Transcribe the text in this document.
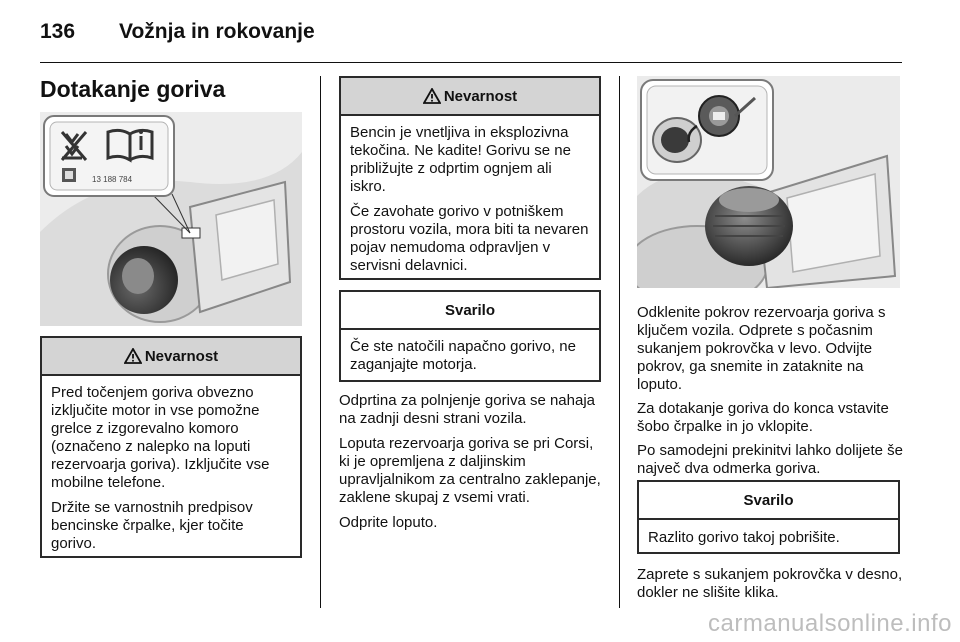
136 Vožnja in rokovanje
Dotakanje goriva
13 188 784
Nevarnost

Pred točenjem goriva obvezno izključite motor in vse pomožne grelce z izgorevalno komoro (označeno z nalepko na loputi rezervoarja goriva). Izključite vse mobilne telefone.

Držite se varnostnih predpisov bencinske črpalke, kjer točite gorivo.

Nevarnost

Bencin je vnetljiva in eksplozivna tekočina. Ne kadite! Gorivu se ne približujte z odprtim ognjem ali iskro.

Če zavohate gorivo v potniškem prostoru vozila, mora biti ta nevaren pojav nemudoma odpravljen v servisni delavnici.

Svarilo

Če ste natočili napačno gorivo, ne zaganjajte motorja.

Odprtina za polnjenje goriva se nahaja na zadnji desni strani vozila.

Loputa rezervoarja goriva se pri Corsi, ki je opremljena z daljinskim upravljalnikom za centralno zaklepanje, zaklene skupaj z vsemi vrati.

Odprite loputo.

Odklenite pokrov rezervoarja goriva s ključem vozila. Odprete s počasnim sukanjem pokrovčka v levo. Odvijte pokrov, ga snemite in zataknite na loputo.

Za dotakanje goriva do konca vstavite šobo črpalke in jo vklopite.

Po samodejni prekinitvi lahko dolijete še največ dva odmerka goriva.

Svarilo

Razlito gorivo takoj pobrišite.

Zaprete s sukanjem pokrovčka v desno, dokler ne slišite klika.

carmanualsonline.info
